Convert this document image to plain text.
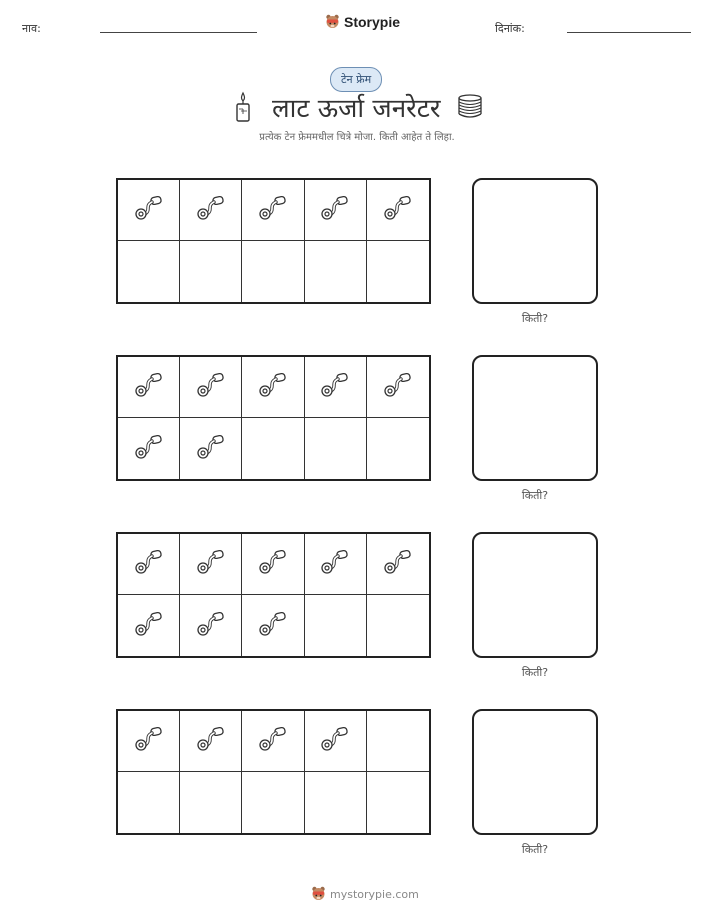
नाव:	Storypie	दिनांक:
टेन फ्रेम
लाट ऊर्जा जनरेटर
प्रत्येक टेन फ्रेममधील चित्रे मोजा. किती आहेत ते लिहा.
किती?
किती?
किती?
किती?
mystorypie.com
